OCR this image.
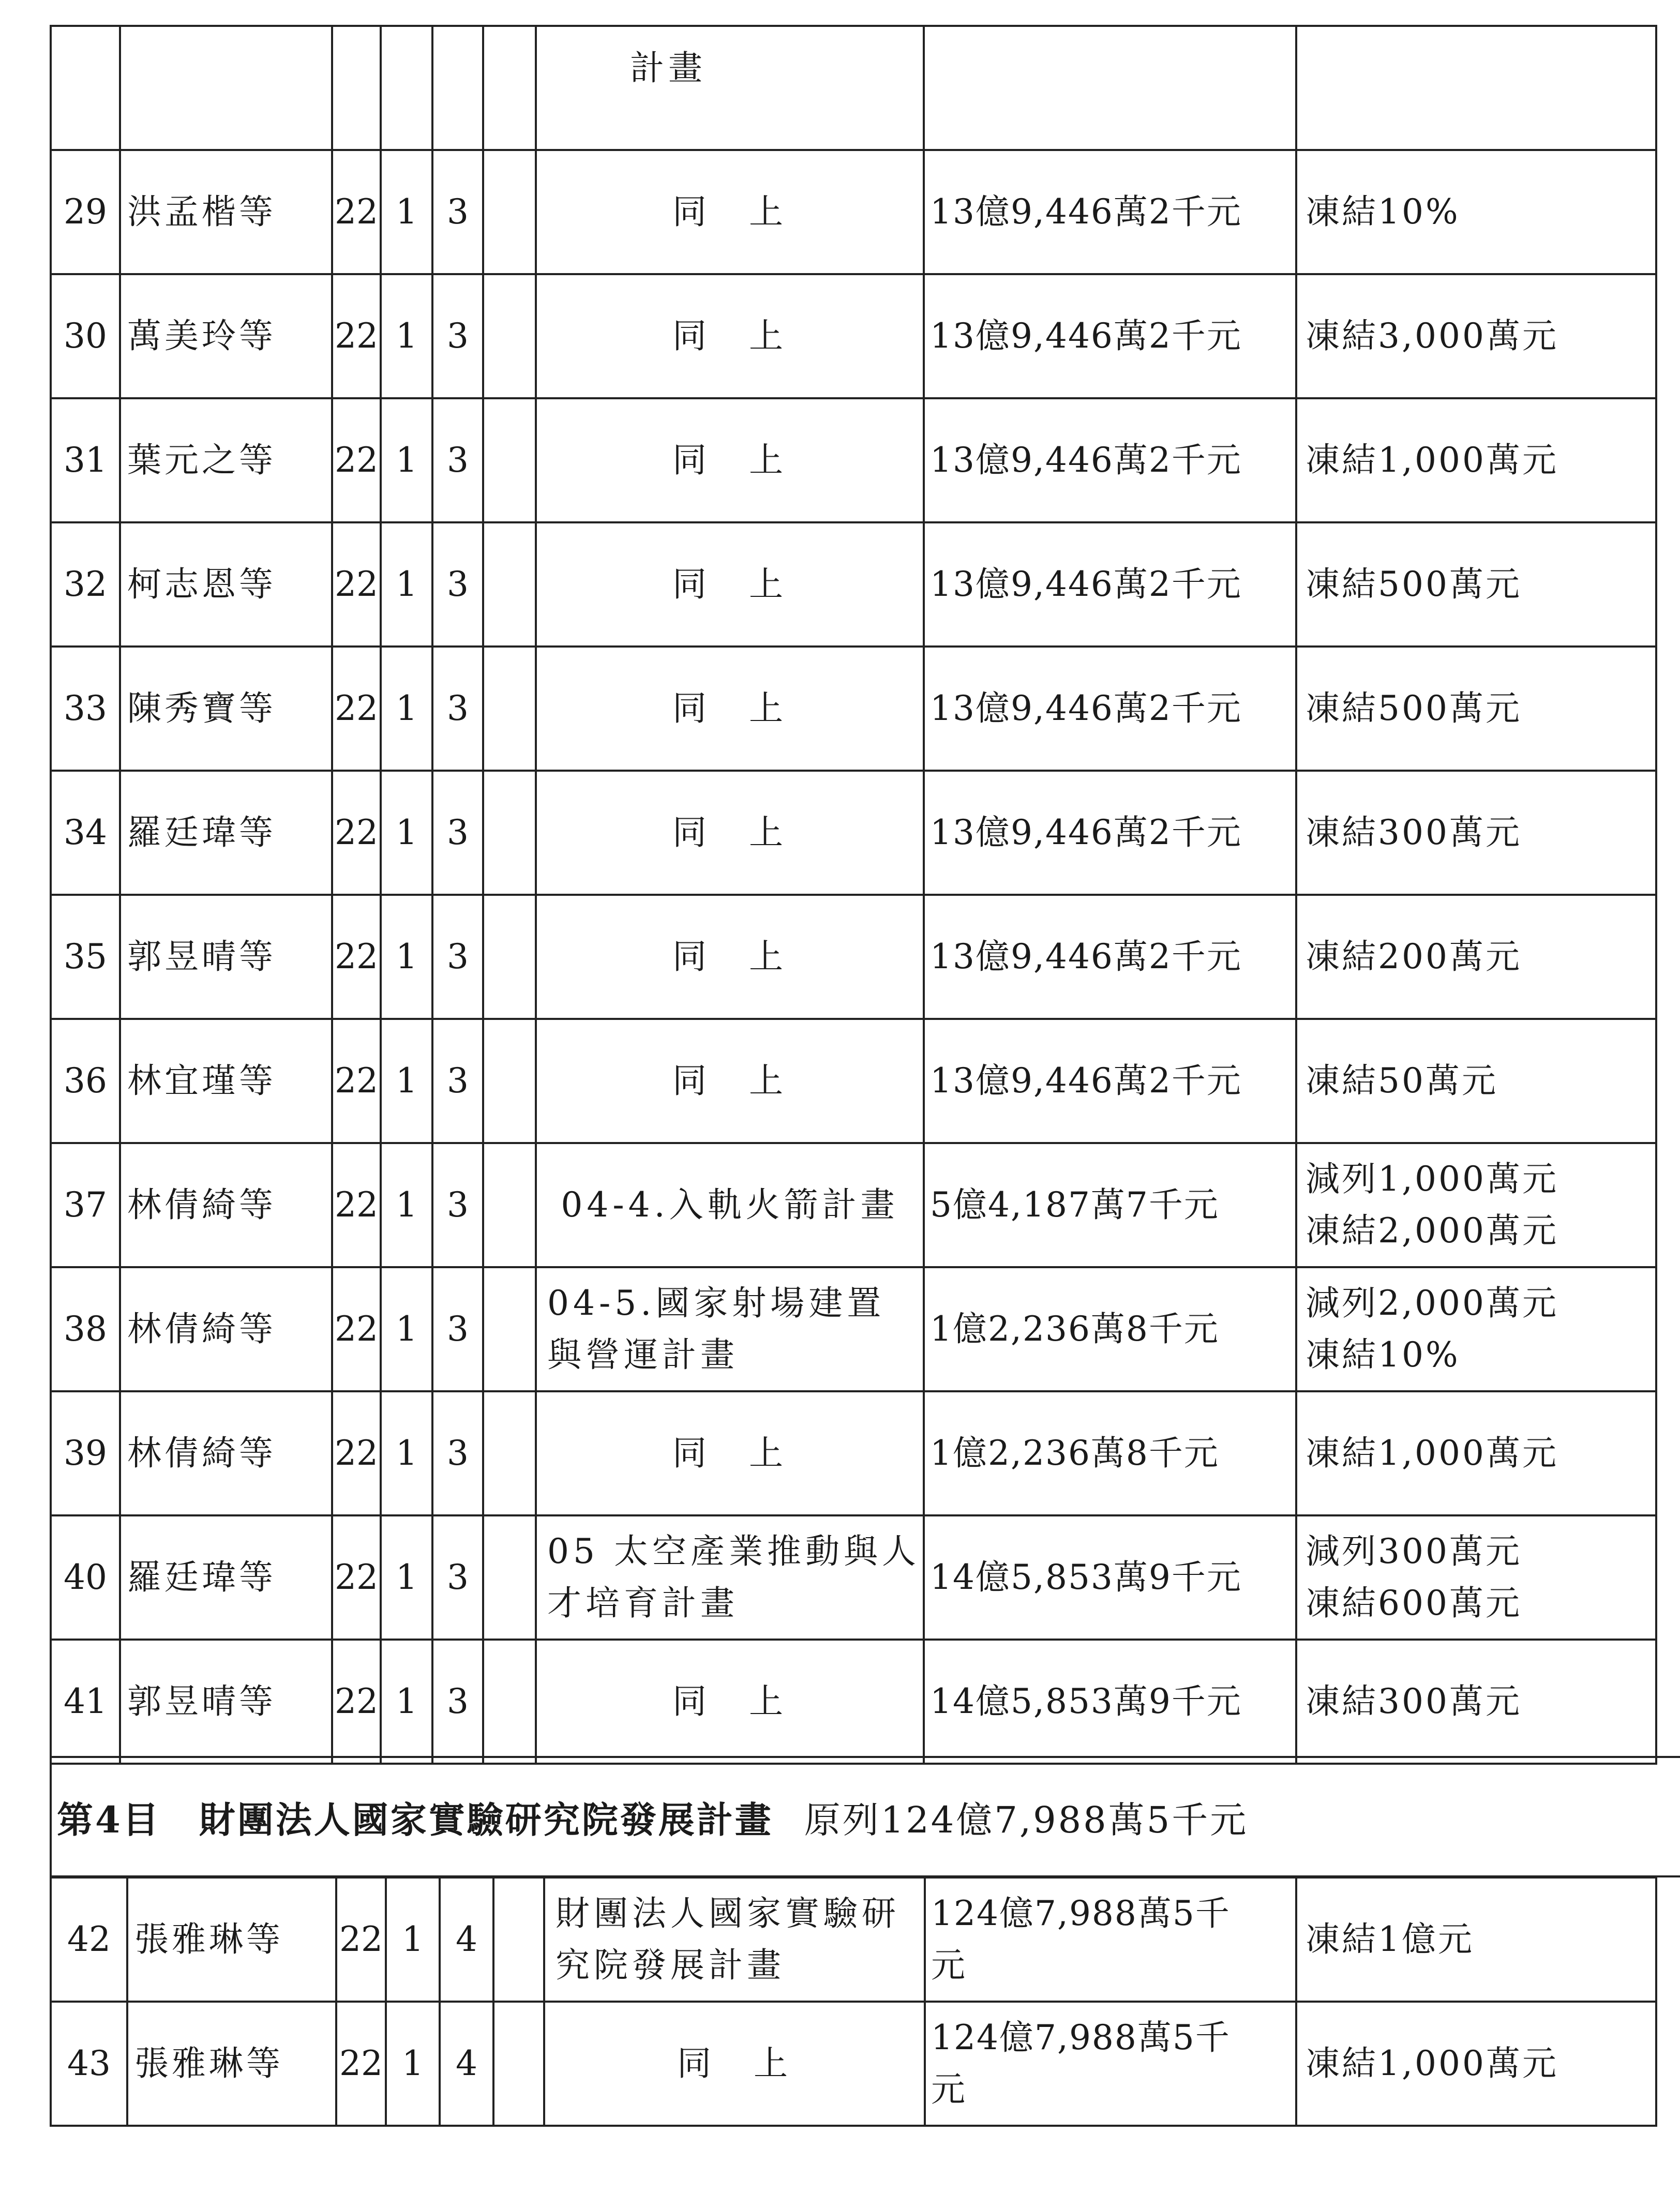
						計畫		

29	洪孟楷等	22	1	3		同　上	13億9,446萬2千元	凍結10%

30	萬美玲等	22	1	3		同　上	13億9,446萬2千元	凍結3,000萬元

31	葉元之等	22	1	3		同　上	13億9,446萬2千元	凍結1,000萬元

32	柯志恩等	22	1	3		同　上	13億9,446萬2千元	凍結500萬元

33	陳秀寶等	22	1	3		同　上	13億9,446萬2千元	凍結500萬元

34	羅廷瑋等	22	1	3		同　上	13億9,446萬2千元	凍結300萬元

35	郭昱晴等	22	1	3		同　上	13億9,446萬2千元	凍結200萬元

36	林宜瑾等	22	1	3		同　上	13億9,446萬2千元	凍結50萬元

37	林倩綺等	22	1	3		04-4.入軌火箭計畫	5億4,187萬7千元	減列1,000萬元
凍結2,000萬元

38	林倩綺等	22	1	3		04-5.國家射場建置
與營運計畫	1億2,236萬8千元	減列2,000萬元
凍結10%

39	林倩綺等	22	1	3		同　上	1億2,236萬8千元	凍結1,000萬元

40	羅廷瑋等	22	1	3		05 太空產業推動與人
才培育計畫	14億5,853萬9千元	減列300萬元
凍結600萬元

41	郭昱晴等	22	1	3		同　上	14億5,853萬9千元	凍結300萬元
第4目　財團法人國家實驗研究院發展計畫 原列124億7,988萬5千元
42	張雅琳等	22	1	4		財團法人國家實驗研
究院發展計畫	124億7,988萬5千
元	凍結1億元

43	張雅琳等	22	1	4		同　上	124億7,988萬5千
元	凍結1,000萬元
